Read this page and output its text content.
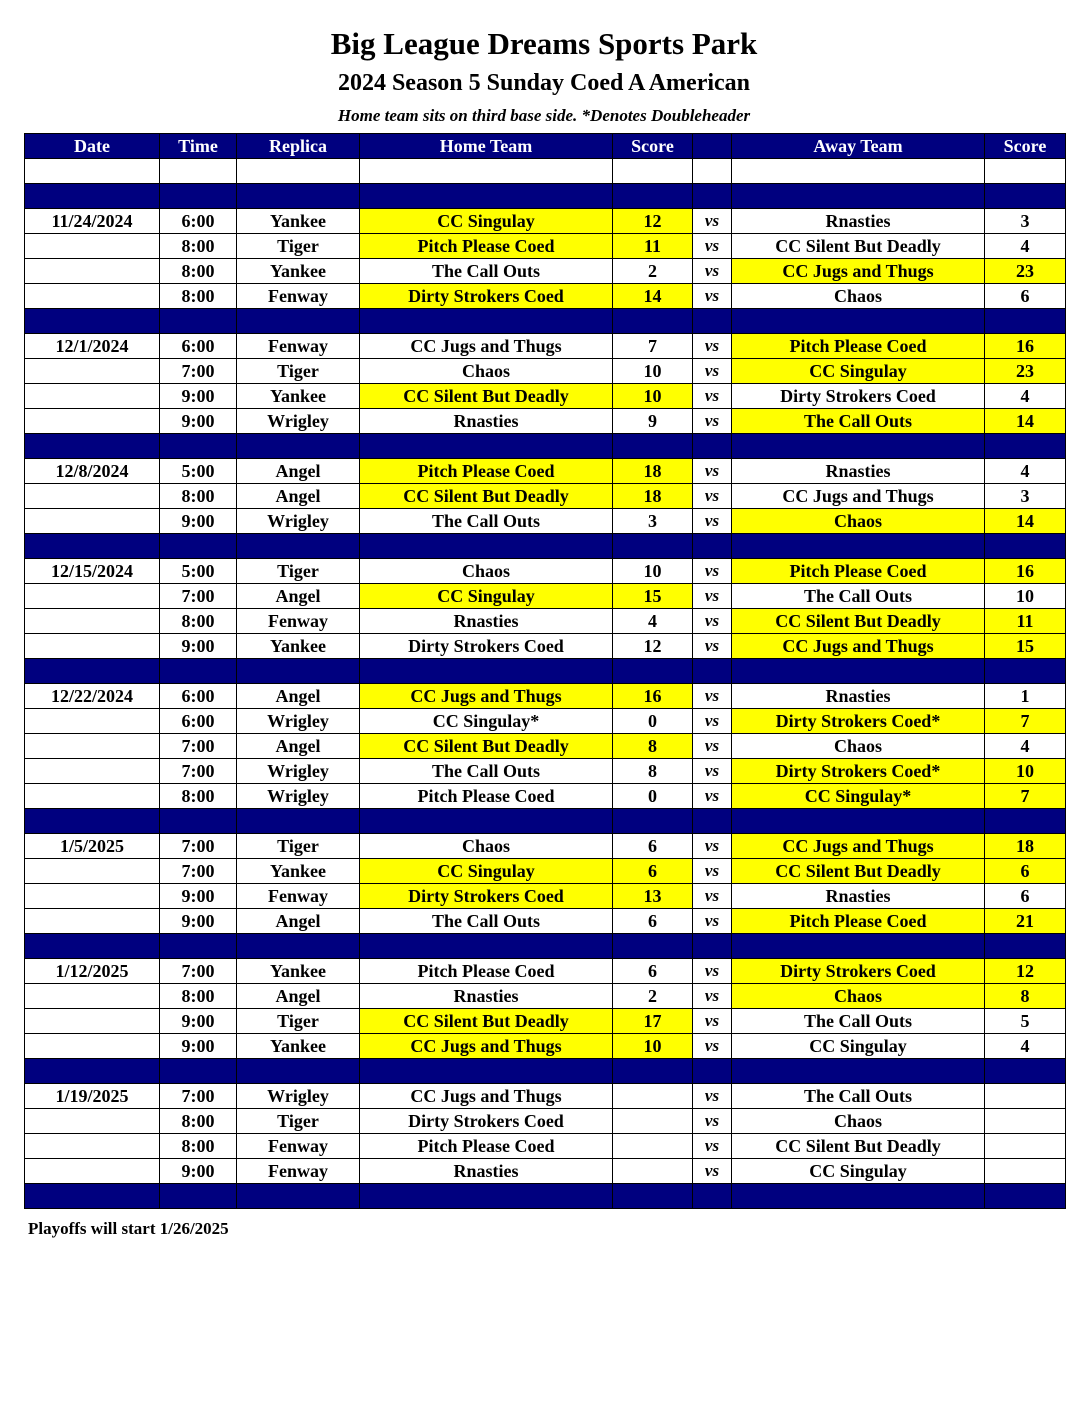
Big League Dreams Sports Park
2024 Season 5 Sunday Coed A American
Home team sits on third base side. *Denotes Doubleheader
Date	Time	Replica	Home Team	Score		Away Team	Score

11/24/2024	6:00	Yankee	CC Singulay	12	vs	Rnasties	3
	8:00	Tiger	Pitch Please Coed	11	vs	CC Silent But Deadly	4
	8:00	Yankee	The Call Outs	2	vs	CC Jugs and Thugs	23
	8:00	Fenway	Dirty Strokers Coed	14	vs	Chaos	6

12/1/2024	6:00	Fenway	CC Jugs and Thugs	7	vs	Pitch Please Coed	16
	7:00	Tiger	Chaos	10	vs	CC Singulay	23
	9:00	Yankee	CC Silent But Deadly	10	vs	Dirty Strokers Coed	4
	9:00	Wrigley	Rnasties	9	vs	The Call Outs	14

12/8/2024	5:00	Angel	Pitch Please Coed	18	vs	Rnasties	4
	8:00	Angel	CC Silent But Deadly	18	vs	CC Jugs and Thugs	3
	9:00	Wrigley	The Call Outs	3	vs	Chaos	14

12/15/2024	5:00	Tiger	Chaos	10	vs	Pitch Please Coed	16
	7:00	Angel	CC Singulay	15	vs	The Call Outs	10
	8:00	Fenway	Rnasties	4	vs	CC Silent But Deadly	11
	9:00	Yankee	Dirty Strokers Coed	12	vs	CC Jugs and Thugs	15

12/22/2024	6:00	Angel	CC Jugs and Thugs	16	vs	Rnasties	1
	6:00	Wrigley	CC Singulay*	0	vs	Dirty Strokers Coed*	7
	7:00	Angel	CC Silent But Deadly	8	vs	Chaos	4
	7:00	Wrigley	The Call Outs	8	vs	Dirty Strokers Coed*	10
	8:00	Wrigley	Pitch Please Coed	0	vs	CC Singulay*	7

1/5/2025	7:00	Tiger	Chaos	6	vs	CC Jugs and Thugs	18
	7:00	Yankee	CC Singulay	6	vs	CC Silent But Deadly	6
	9:00	Fenway	Dirty Strokers Coed	13	vs	Rnasties	6
	9:00	Angel	The Call Outs	6	vs	Pitch Please Coed	21

1/12/2025	7:00	Yankee	Pitch Please Coed	6	vs	Dirty Strokers Coed	12
	8:00	Angel	Rnasties	2	vs	Chaos	8
	9:00	Tiger	CC Silent But Deadly	17	vs	The Call Outs	5
	9:00	Yankee	CC Jugs and Thugs	10	vs	CC Singulay	4

1/19/2025	7:00	Wrigley	CC Jugs and Thugs		vs	The Call Outs	
	8:00	Tiger	Dirty Strokers Coed		vs	Chaos	
	8:00	Fenway	Pitch Please Coed		vs	CC Silent But Deadly	
	9:00	Fenway	Rnasties		vs	CC Singulay	

Playoffs will start 1/26/2025
